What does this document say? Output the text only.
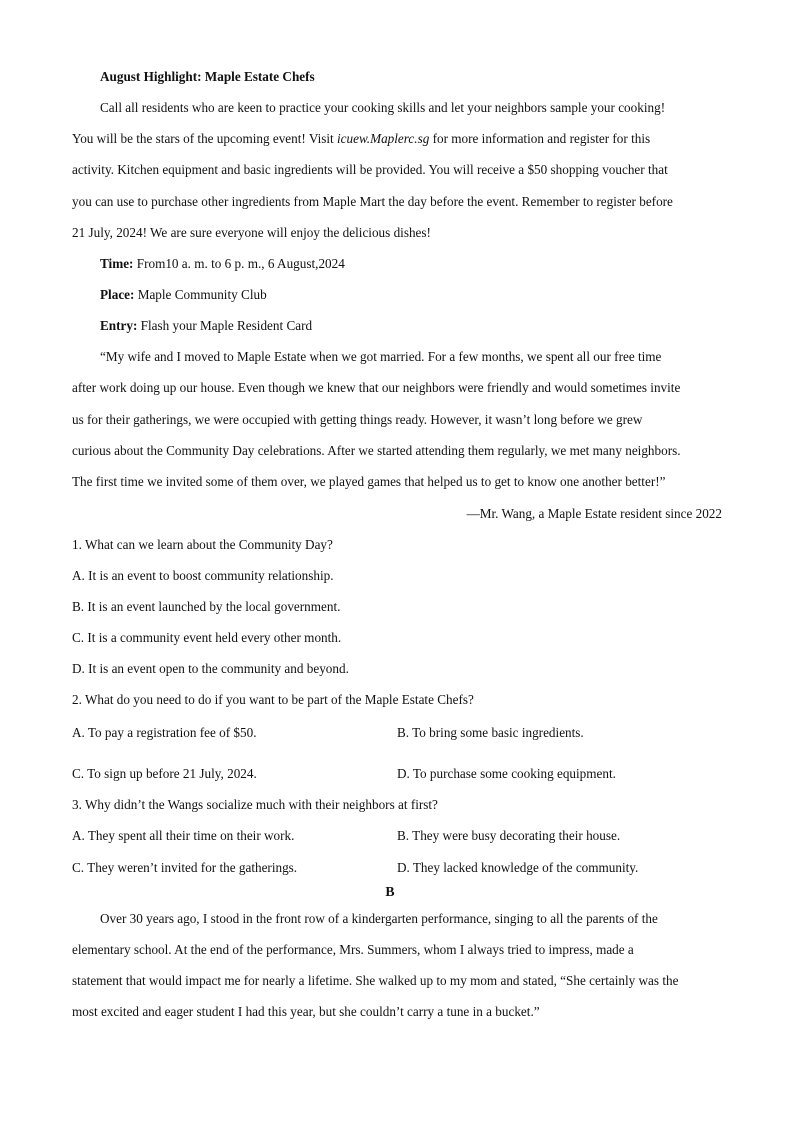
August Highlight: Maple Estate Chefs
Call all residents who are keen to practice your cooking skills and let your neighbors sample your cooking!
You will be the stars of the upcoming event! Visit icuew.Maplerc.sg for more information and register for this
activity. Kitchen equipment and basic ingredients will be provided. You will receive a $50 shopping voucher that
you can use to purchase other ingredients from Maple Mart the day before the event. Remember to register before
21 July, 2024! We are sure everyone will enjoy the delicious dishes!
Time: From10 a. m. to 6 p. m., 6 August,2024
Place: Maple Community Club
Entry: Flash your Maple Resident Card
“My wife and I moved to Maple Estate when we got married. For a few months, we spent all our free time
after work doing up our house. Even though we knew that our neighbors were friendly and would sometimes invite
us for their gatherings, we were occupied with getting things ready. However, it wasn’t long before we grew
curious about the Community Day celebrations. After we started attending them regularly, we met many neighbors.
The first time we invited some of them over, we played games that helped us to get to know one another better!”
—Mr. Wang, a Maple Estate resident since 2022
1. What can we learn about the Community Day?
A. It is an event to boost community relationship.
B. It is an event launched by the local government.
C. It is a community event held every other month.
D. It is an event open to the community and beyond.
2. What do you need to do if you want to be part of the Maple Estate Chefs?
A. To pay a registration fee of $50.	B. To bring some basic ingredients.
C. To sign up before 21 July, 2024.	D. To purchase some cooking equipment.
3. Why didn’t the Wangs socialize much with their neighbors at first?
A. They spent all their time on their work.	B. They were busy decorating their house.
C. They weren’t invited for the gatherings.	D. They lacked knowledge of the community.
B
Over 30 years ago, I stood in the front row of a kindergarten performance, singing to all the parents of the
elementary school. At the end of the performance, Mrs. Summers, whom I always tried to impress, made a
statement that would impact me for nearly a lifetime. She walked up to my mom and stated, “She certainly was the
most excited and eager student I had this year, but she couldn’t carry a tune in a bucket.”
